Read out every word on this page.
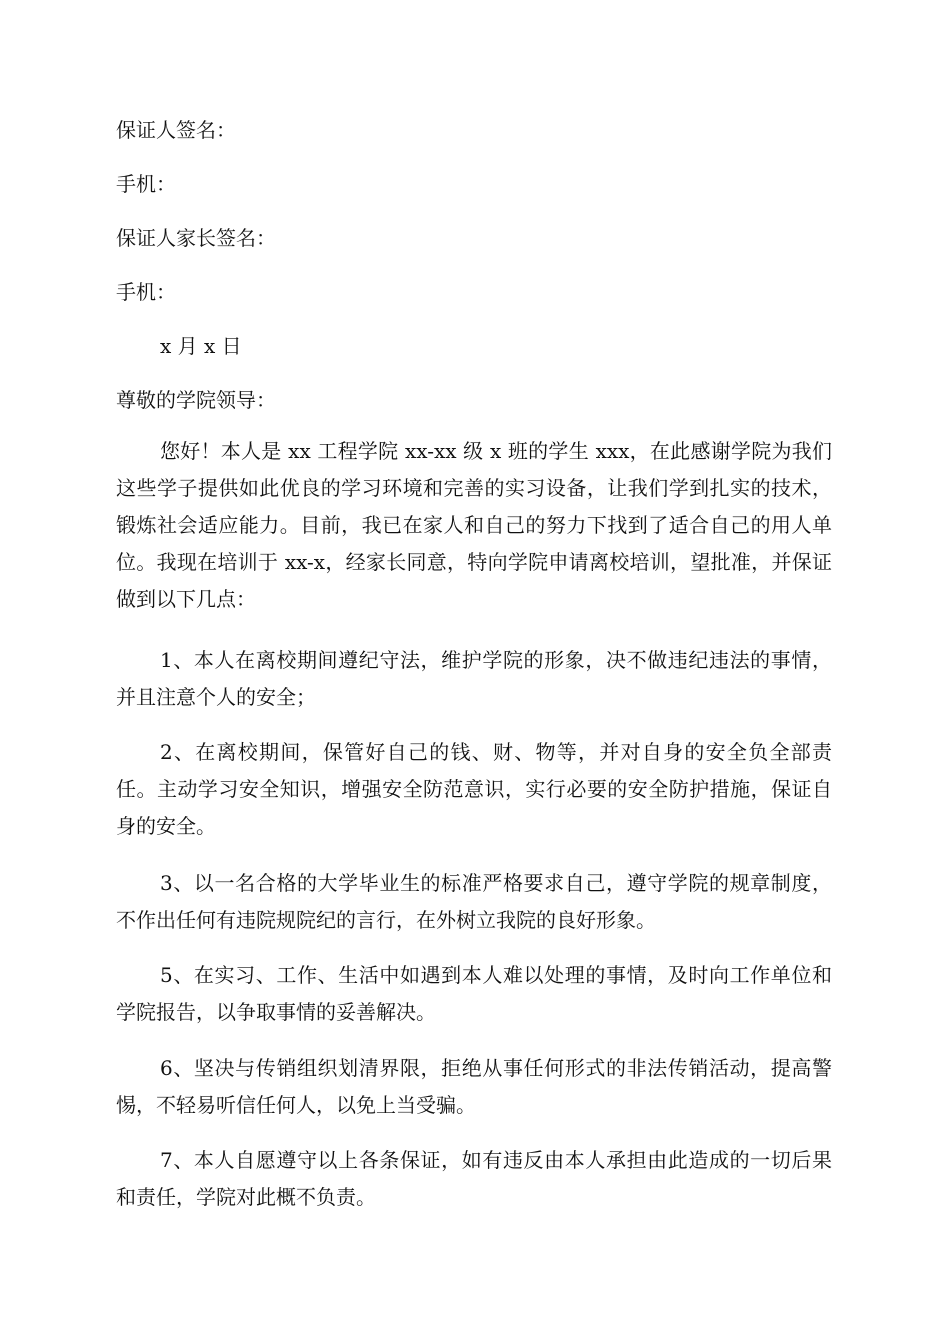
保证人签名：

手机：

保证人家长签名：

手机：

x 月 x 日

尊敬的学院领导：

您好！本人是 xx 工程学院 xx-xx 级 x 班的学生 xxx，在此感谢学院为我们这些学子提供如此优良的学习环境和完善的实习设备，让我们学到扎实的技术，锻炼社会适应能力。目前，我已在家人和自己的努力下找到了适合自己的用人单位。我现在培训于 xx-x，经家长同意，特向学院申请离校培训，望批准，并保证做到以下几点：

1、本人在离校期间遵纪守法，维护学院的形象，决不做违纪违法的事情，并且注意个人的安全；

2、在离校期间，保管好自己的钱、财、物等，并对自身的安全负全部责任。主动学习安全知识，增强安全防范意识，实行必要的安全防护措施，保证自身的安全。

3、以一名合格的大学毕业生的标准严格要求自己，遵守学院的规章制度，不作出任何有违院规院纪的言行，在外树立我院的良好形象。

5、在实习、工作、生活中如遇到本人难以处理的事情，及时向工作单位和学院报告，以争取事情的妥善解决。

6、坚决与传销组织划清界限，拒绝从事任何形式的非法传销活动，提高警惕，不轻易听信任何人，以免上当受骗。

7、本人自愿遵守以上各条保证，如有违反由本人承担由此造成的一切后果和责任，学院对此概不负责。
